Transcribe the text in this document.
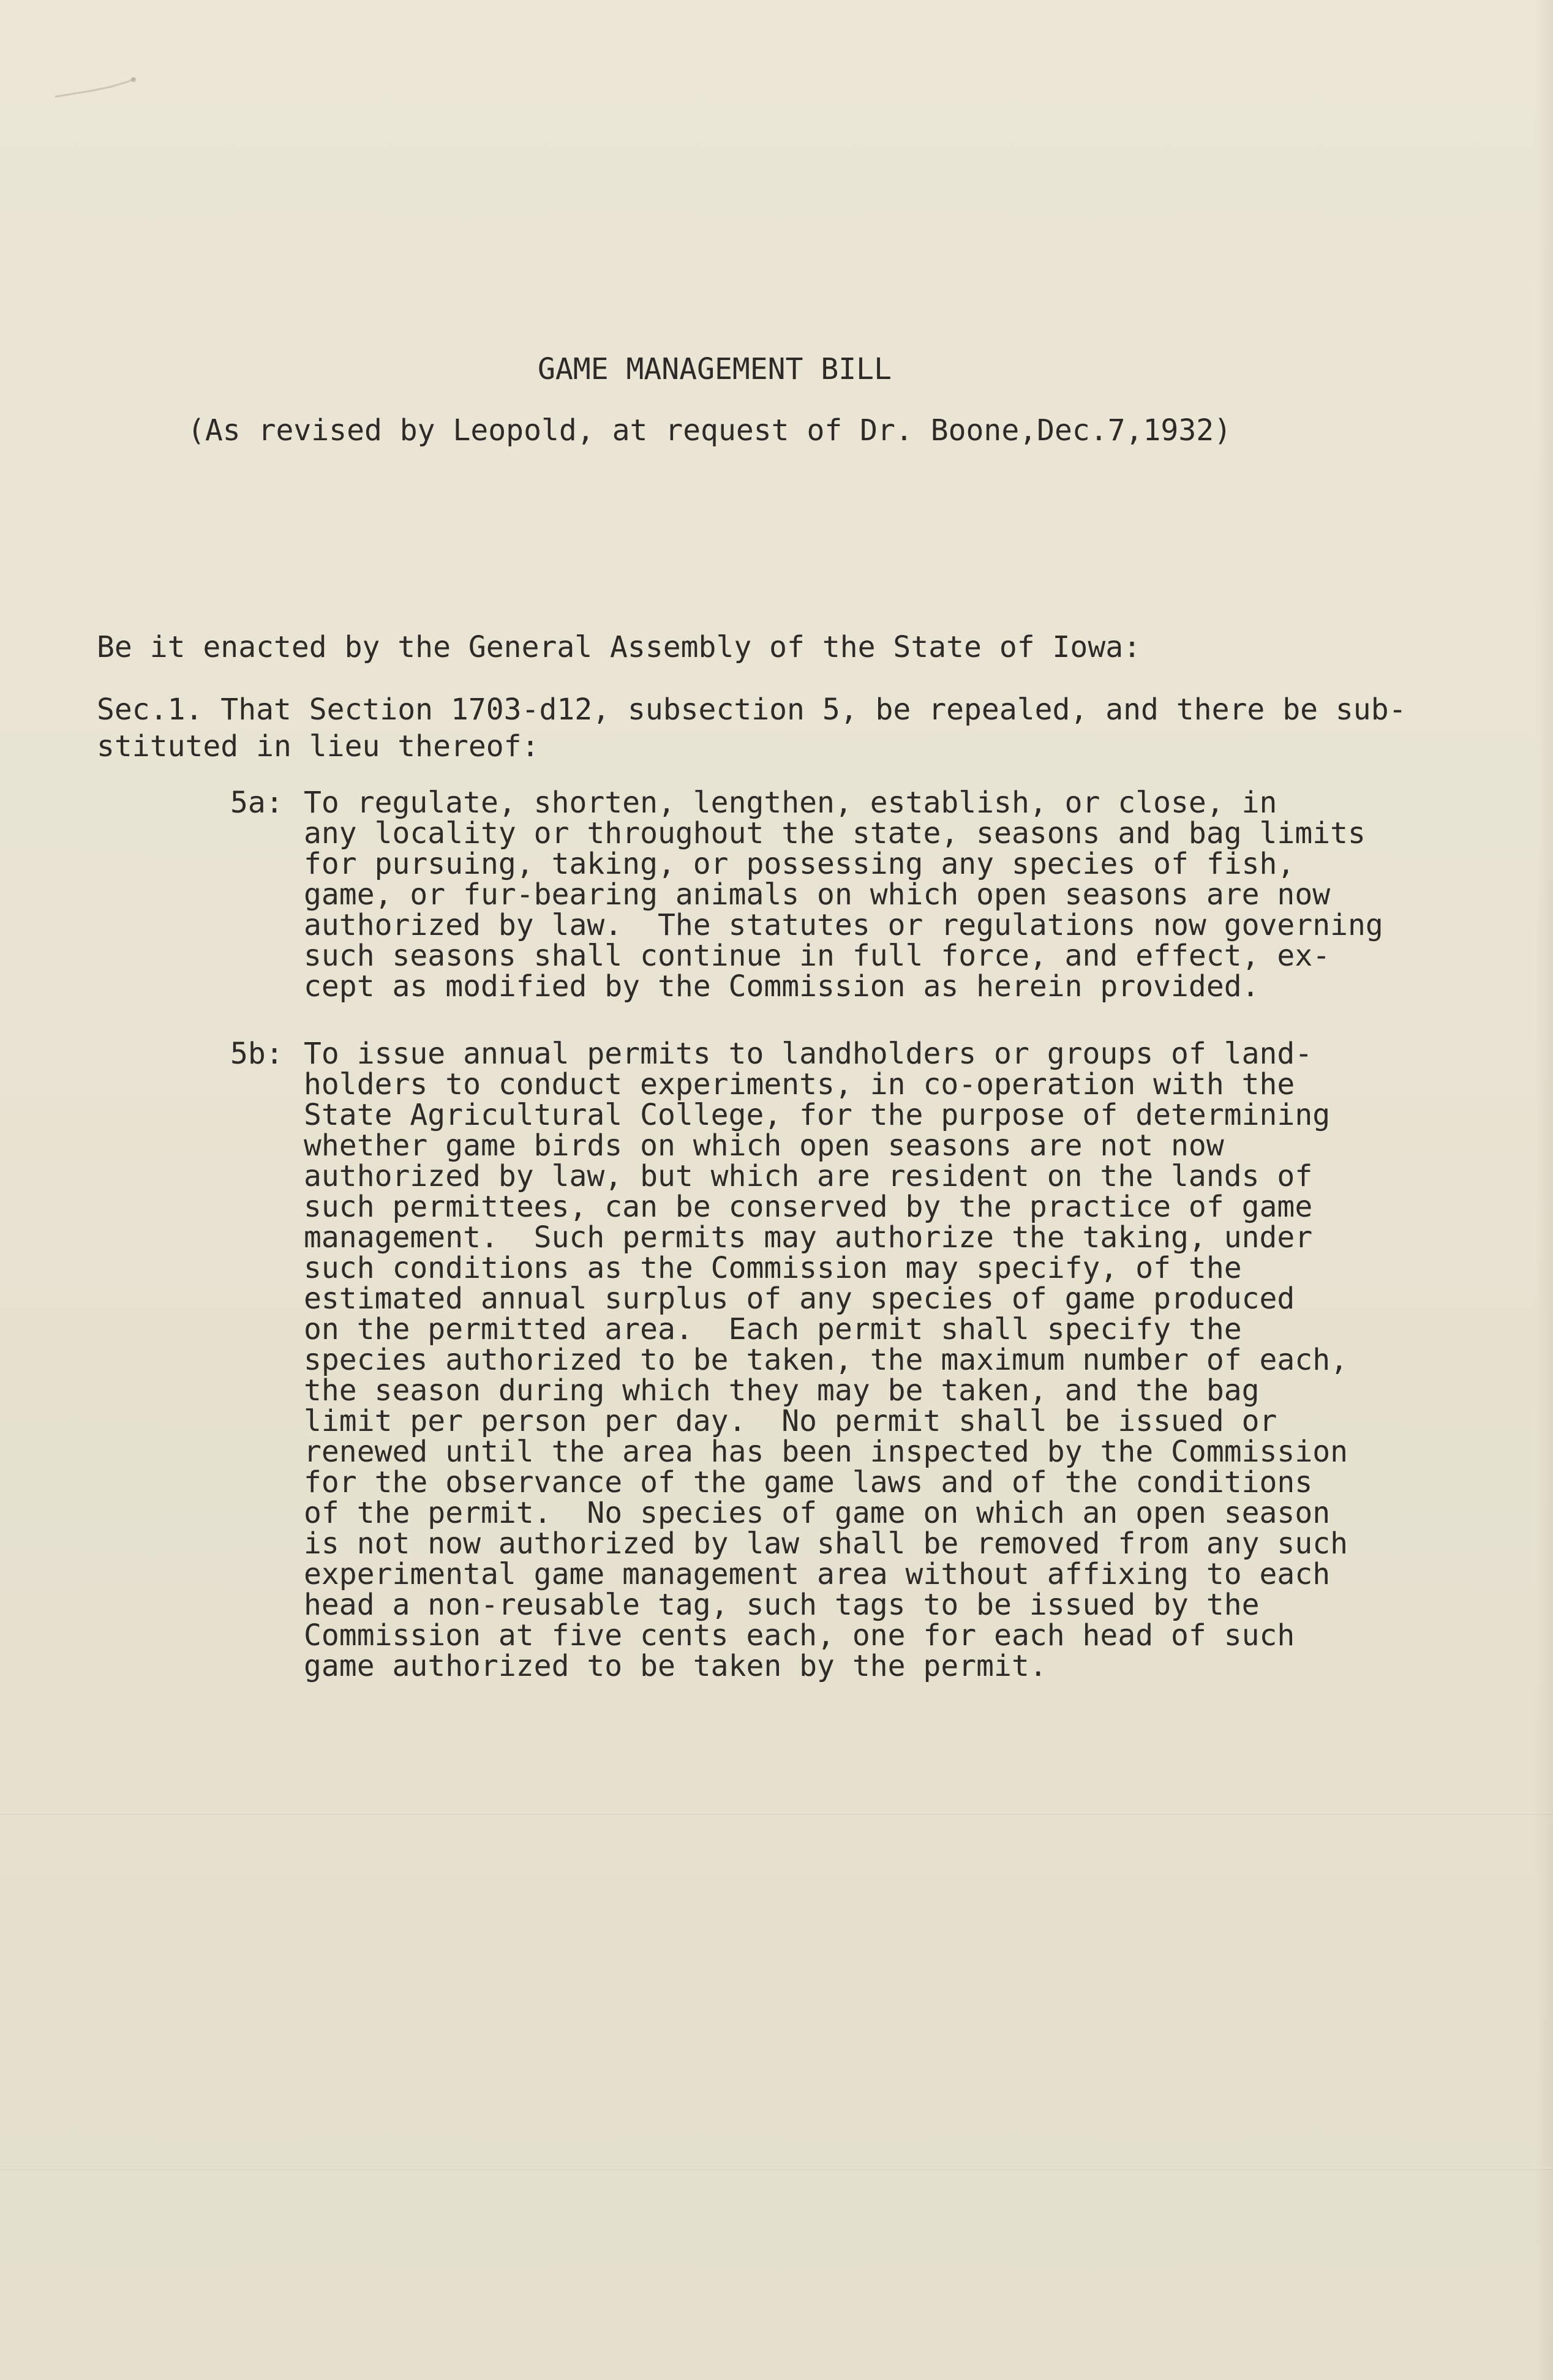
GAME MANAGEMENT BILL

(As revised by Leopold, at request of Dr. Boone,Dec.7,1932)

Be it enacted by the General Assembly of the State of Iowa:

Sec.1. That Section 1703-d12, subsection 5, be repealed, and there be sub-

stituted in lieu thereof:

5a: To regulate, shorten, lengthen, establish, or close, in
any locality or throughout the state, seasons and bag limits
for pursuing, taking, or possessing any species of fish,
game, or fur-bearing animals on which open seasons are now
authorized by law.  The statutes or regulations now governing
such seasons shall continue in full force, and effect, ex-
cept as modified by the Commission as herein provided.

5b: To issue annual permits to landholders or groups of land-
holders to conduct experiments, in co-operation with the
State Agricultural College, for the purpose of determining
whether game birds on which open seasons are not now
authorized by law, but which are resident on the lands of
such permittees, can be conserved by the practice of game
management.  Such permits may authorize the taking, under
such conditions as the Commission may specify, of the
estimated annual surplus of any species of game produced
on the permitted area.  Each permit shall specify the
species authorized to be taken, the maximum number of each,
the season during which they may be taken, and the bag
limit per person per day.  No permit shall be issued or
renewed until the area has been inspected by the Commission
for the observance of the game laws and of the conditions
of the permit.  No species of game on which an open season
is not now authorized by law shall be removed from any such
experimental game management area without affixing to each
head a non-reusable tag, such tags to be issued by the
Commission at five cents each, one for each head of such
game authorized to be taken by the permit.
